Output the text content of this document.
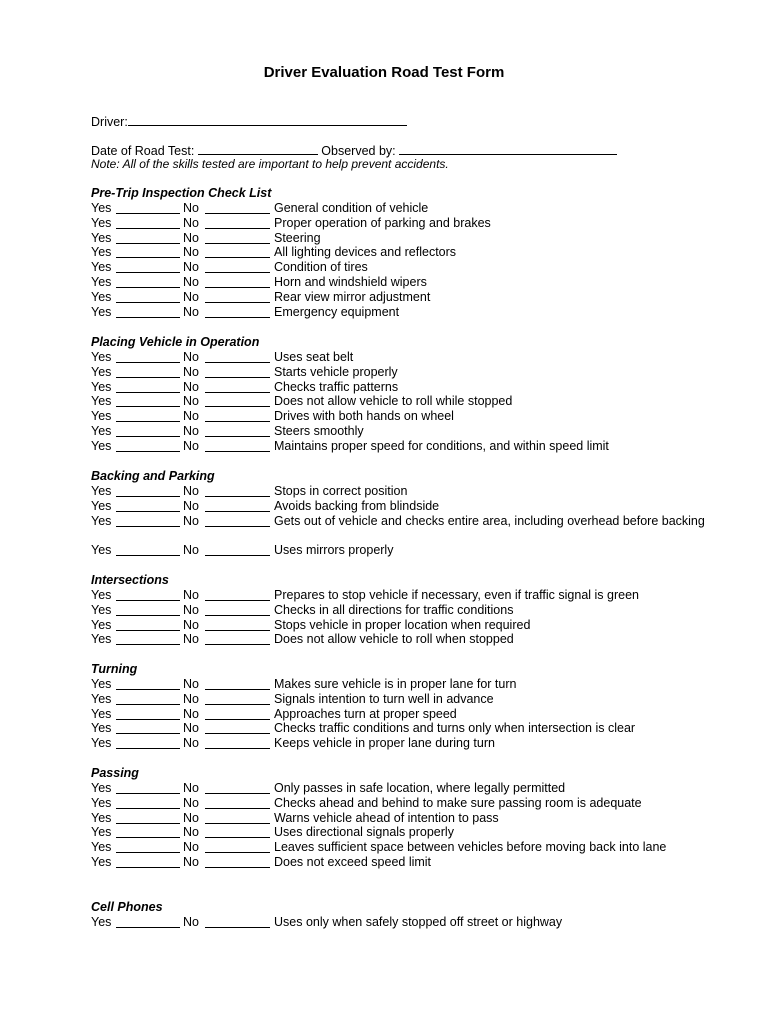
Driver Evaluation Road Test Form
Driver:
Date of Road Test:	Observed by:
Note: All of the skills tested are important to help prevent accidents.
Pre-Trip Inspection Check List
Yes	No	General condition of vehicle
Yes	No	Proper operation of parking and brakes
Yes	No	Steering
Yes	No	All lighting devices and reflectors
Yes	No	Condition of tires
Yes	No	Horn and windshield wipers
Yes	No	Rear view mirror adjustment
Yes	No	Emergency equipment
Placing Vehicle in Operation
Yes	No	Uses seat belt
Yes	No	Starts vehicle properly
Yes	No	Checks traffic patterns
Yes	No	Does not allow vehicle to roll while stopped
Yes	No	Drives with both hands on wheel
Yes	No	Steers smoothly
Yes	No	Maintains proper speed for conditions, and within speed limit
Backing and Parking
Yes	No	Stops in correct position
Yes	No	Avoids backing from blindside
Yes	No	Gets out of vehicle and checks entire area, including overhead before backing
Yes	No	Uses mirrors properly
Intersections
Yes	No	Prepares to stop vehicle if necessary, even if traffic signal is green
Yes	No	Checks in all directions for traffic conditions
Yes	No	Stops vehicle in proper location when required
Yes	No	Does not allow vehicle to roll when stopped
Turning
Yes	No	Makes sure vehicle is in proper lane for turn
Yes	No	Signals intention to turn well in advance
Yes	No	Approaches turn at proper speed
Yes	No	Checks traffic conditions and turns only when intersection is clear
Yes	No	Keeps vehicle in proper lane during turn
Passing
Yes	No	Only passes in safe location, where legally permitted
Yes	No	Checks ahead and behind to make sure passing room is adequate
Yes	No	Warns vehicle ahead of intention to pass
Yes	No	Uses directional signals properly
Yes	No	Leaves sufficient space between vehicles before moving back into lane
Yes	No	Does not exceed speed limit
Cell Phones
Yes	No	Uses only when safely stopped off street or highway
